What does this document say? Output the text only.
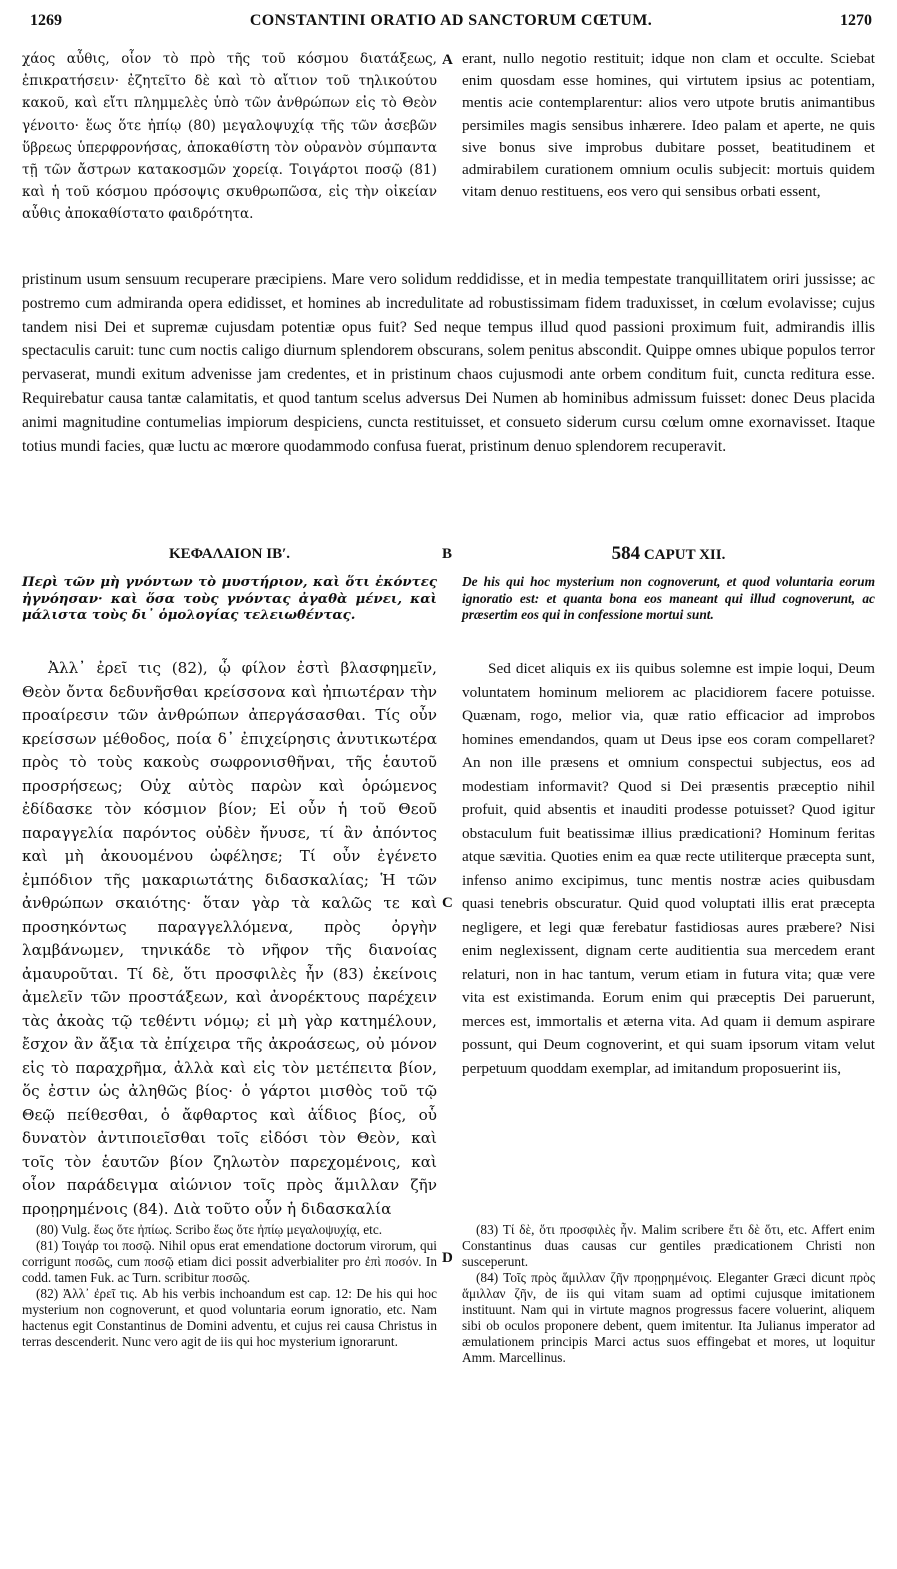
1269	CONSTANTINI ORATIO AD SANCTORUM CŒTUM.	1270

χάος αὖθις, οἷον τὸ πρὸ τῆς τοῦ κόσμου διατάξεως, ἐπικρατήσειν· ἐζητεῖτο δὲ καὶ τὸ αἴτιον τοῦ τηλικούτου κακοῦ, καὶ εἴτι πλημμελὲς ὑπὸ τῶν ἀνθρώπων εἰς τὸ Θεὸν γένοιτο· ἕως ὅτε ἠπίῳ (80) μεγαλοψυχίᾳ τῆς τῶν ἀσεβῶν ὕβρεως ὑπερφρονήσας, ἀποκαθίστη τὸν οὐρανὸν σύμπαντα τῇ τῶν ἄστρων κατακοσμῶν χορείᾳ. Τοιγάρτοι ποσῷ (81) καὶ ἡ τοῦ κόσμου πρόσοψις σκυθρωπῶσα, εἰς τὴν οἰκείαν αὖθις ἀποκαθίστατο φαιδρότητα.

A erant, nullo negotio restituit; idque non clam et occulte. Sciebat enim quosdam esse homines, qui virtutem ipsius ac potentiam, mentis acie contemplarentur: alios vero utpote brutis animantibus persimiles magis sensibus inhærere. Ideo palam et aperte, ne quis sive bonus sive improbus dubitare posset, beatitudinem et admirabilem curationem omnium oculis subjecit: mortuis quidem vitam denuo restituens, eos vero qui sensibus orbati essent,

pristinum usum sensuum recuperare præcipiens. Mare vero solidum reddidisse, et in media tempestate tranquillitatem oriri jussisse; ac postremo cum admiranda opera edidisset, et homines ab incredulitate ad robustissimam fidem traduxisset, in cœlum evolavisse; cujus tandem nisi Dei et supremæ cujusdam potentiæ opus fuit? Sed neque tempus illud quod passioni proximum fuit, admirandis illis spectaculis caruit: tunc cum noctis caligo diurnum splendorem obscurans, solem penitus abscondit. Quippe omnes ubique populos terror pervaserat, mundi exitum advenisse jam credentes, et in pristinum chaos cujusmodi ante orbem conditum fuit, cuncta reditura esse. Requirebatur causa tantæ calamitatis, et quod tantum scelus adversus Dei Numen ab hominibus admissum fuisset: donec Deus placida animi magnitudine contumelias impiorum despiciens, cuncta restituisset, et consueto siderum cursu cœlum omne exornavisset. Itaque totius mundi facies, quæ luctu ac mœrore quodammodo confusa fuerat, pristinum denuo splendorem recuperavit.
ΚΕΦΑΛΑΙΟΝ ΙΒʹ.	B	584 CAPUT XII.
Περὶ τῶν μὴ γνόντων τὸ μυστήριον, καὶ ὅτι ἐκόντες ἠγνόησαν· καὶ ὅσα τοὺς γνόντας ἀγαθὰ μένει, καὶ μάλιστα τοὺς δι᾽ ὁμολογίας τελειωθέντας.
De his qui hoc mysterium non cognoverunt, et quod voluntaria eorum ignoratio est: et quanta bona eos maneant qui illud cognoverunt, ac præsertim eos qui in confessione mortui sunt.

Ἀλλ᾽ ἐρεῖ τις (82), ᾧ φίλον ἐστὶ βλασφημεῖν, Θεὸν ὄντα δεδυνῆσθαι κρείσσονα καὶ ἠπιωτέραν τὴν προαίρεσιν τῶν ἀνθρώπων ἀπεργάσασθαι. Τίς οὖν κρείσσων μέθοδος, ποία δ᾽ ἐπιχείρησις ἀνυτικωτέρα πρὸς τὸ τοὺς κακοὺς σωφρονισθῆναι, τῆς ἑαυτοῦ προσρήσεως; Οὐχ αὐτὸς παρὼν καὶ ὁρώμενος ἐδίδασκε τὸν κόσμιον βίον; Εἰ οὖν ἡ τοῦ Θεοῦ παραγγελία παρόντος οὐδὲν ἤνυσε, τί ἂν ἀπόντος καὶ μὴ ἀκουομένου ὠφέλησε; Τί οὖν ἐγένετο ἐμπόδιον τῆς μακαριωτάτης διδασκαλίας; Ἡ τῶν ἀνθρώπων σκαιότης· ὅταν γὰρ τὰ καλῶς τε καὶ προσηκόντως παραγγελλόμενα, πρὸς ὀργὴν λαμβάνωμεν, τηνικάδε τὸ νῆφον τῆς διανοίας ἀμαυροῦται. Τί δὲ, ὅτι προσφιλὲς ἦν (83) ἐκείνοις ἀμελεῖν τῶν προστάξεων, καὶ ἀνορέκτους παρέχειν τὰς ἀκοὰς τῷ τεθέντι νόμῳ; εἰ μὴ γὰρ κατημέλουν, ἔσχον ἂν ἄξια τὰ ἐπίχειρα τῆς ἀκροάσεως, οὐ μόνον εἰς τὸ παραχρῆμα, ἀλλὰ καὶ εἰς τὸν μετέπειτα βίον, ὅς ἐστιν ὡς ἀληθῶς βίος· ὁ γάρτοι μισθὸς τοῦ τῷ Θεῷ πείθεσθαι, ὁ ἄφθαρτος καὶ ἀΐδιος βίος, οὗ δυνατὸν ἀντιποιεῖσθαι τοῖς εἰδόσι τὸν Θεὸν, καὶ τοῖς τὸν ἑαυτῶν βίον ζηλωτὸν παρεχομένοις, καὶ οἷον παράδειγμα αἰώνιον τοῖς πρὸς ἅμιλλαν ζῆν προῃρημένοις (84). Διὰ τοῦτο οὖν ἡ διδασκαλία

C

Sed dicet aliquis ex iis quibus solemne est impie loqui, Deum voluntatem hominum meliorem ac placidiorem facere potuisse. Quænam, rogo, melior via, quæ ratio efficacior ad improbos homines emendandos, quam ut Deus ipse eos coram compellaret? An non ille præsens et omnium conspectui subjectus, eos ad modestiam informavit? Quod si Dei præsentis præceptio nihil profuit, quid absentis et inauditi prodesse potuisset? Quod igitur obstaculum fuit beatissimæ illius prædicationi? Hominum feritas atque sævitia. Quoties enim ea quæ recte utiliterque præcepta sunt, infenso animo excipimus, tunc mentis nostræ acies quibusdam quasi tenebris obscuratur. Quid quod voluptati illis erat præcepta negligere, et legi quæ ferebatur fastidiosas aures præbere? Nisi enim neglexissent, dignam certe auditientia sua mercedem erant relaturi, non in hac tantum, verum etiam in futura vita; quæ vere vita est existimanda. Eorum enim qui præceptis Dei paruerunt, merces est, immortalis et æterna vita. Ad quam ii demum aspirare possunt, qui Deum cognoverint, et qui suam ipsorum vitam velut perpetuum quoddam exemplar, ad imitandum proposuerint iis,

(80) Vulg. ἕως ὅτε ἠπίως. Scribo ἕως ὅτε ἠπίῳ μεγαλοψυχίᾳ, etc.

(81) Τοιγάρ τοι ποσῷ. Nihil opus erat emendatione doctorum virorum, qui corrigunt ποσῶς, cum ποσῷ etiam dici possit adverbialiter pro ἐπὶ ποσόν. In codd. tamen Fuk. ac Turn. scribitur ποσῶς.

(82) Ἀλλ᾽ ἐρεῖ τις. Ab his verbis inchoandum est cap. 12: De his qui hoc mysterium non cognoverunt, et quod voluntaria eorum ignoratio, etc. Nam hactenus egit Constantinus de Domini adventu, et cujus rei causa Christus in terras descenderit. Nunc vero agit de iis qui hoc mysterium ignorarunt.

D

(83) Τί δὲ, ὅτι προσφιλὲς ἦν. Malim scribere ἔτι δὲ ὅτι, etc. Affert enim Constantinus duas causas cur gentiles prædicationem Christi non susceperunt.

(84) Τοῖς πρὸς ἅμιλλαν ζῆν προῃρημένοις. Eleganter Græci dicunt πρὸς ἅμιλλαν ζῆν, de iis qui vitam suam ad optimi cujusque imitationem instituunt. Nam qui in virtute magnos progressus facere voluerint, aliquem sibi ob oculos proponere debent, quem imitentur. Ita Julianus imperator ad æmulationem principis Marci actus suos effingebat et mores, ut loquitur Amm. Marcellinus.
